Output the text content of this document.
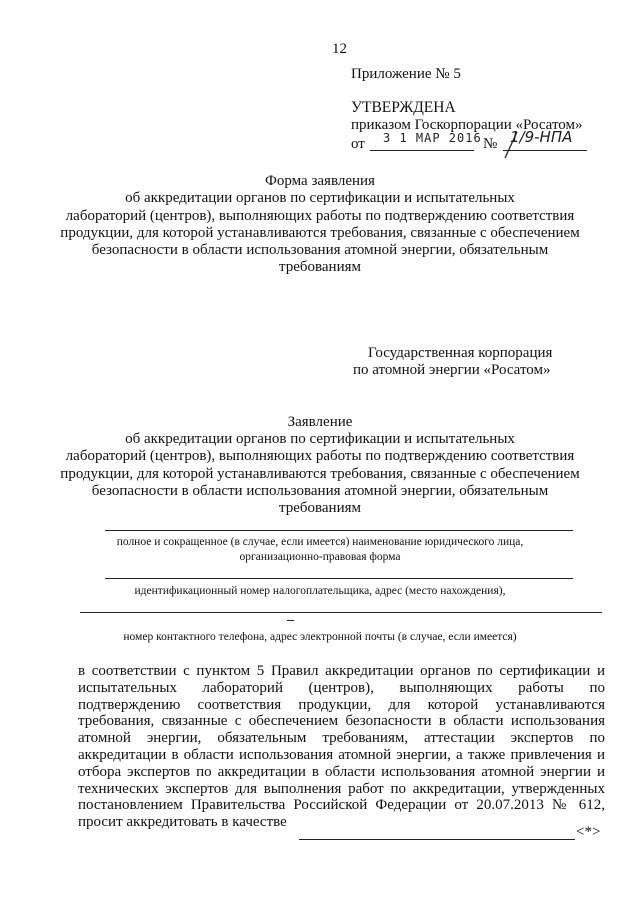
12
Приложение № 5
УТВЕРЖДЕНА
приказом Госкорпорации «Росатом»
от 3 1 МАР 2016 № 1/9-НПА
Форма заявления
об аккредитации органов по сертификации и испытательных
лабораторий (центров), выполняющих работы по подтверждению соответствия
продукции, для которой устанавливаются требования, связанные с обеспечением
безопасности в области использования атомной энергии, обязательным
требованиям
Государственная корпорация
по атомной энергии «Росатом»
Заявление
об аккредитации органов по сертификации и испытательных
лабораторий (центров), выполняющих работы по подтверждению соответствия
продукции, для которой устанавливаются требования, связанные с обеспечением
безопасности в области использования атомной энергии, обязательным
требованиям
полное и сокращенное (в случае, если имеется) наименование юридического лица,
организационно-правовая форма
идентификационный номер налогоплательщика, адрес (место нахождения),
номер контактного телефона, адрес электронной почты (в случае, если имеется)
в соответствии с пунктом 5 Правил аккредитации органов по сертификации и
испытательных лабораторий (центров), выполняющих работы по
подтверждению соответствия продукции, для которой устанавливаются
требования, связанные с обеспечением безопасности в области использования
атомной энергии, обязательным требованиям, аттестации экспертов по
аккредитации в области использования атомной энергии, а также привлечения и
отбора экспертов по аккредитации в области использования атомной энергии и
технических экспертов для выполнения работ по аккредитации, утвержденных
постановлением Правительства Российской Федерации от 20.07.2013 № 612,
просит аккредитовать в качестве
<*>
